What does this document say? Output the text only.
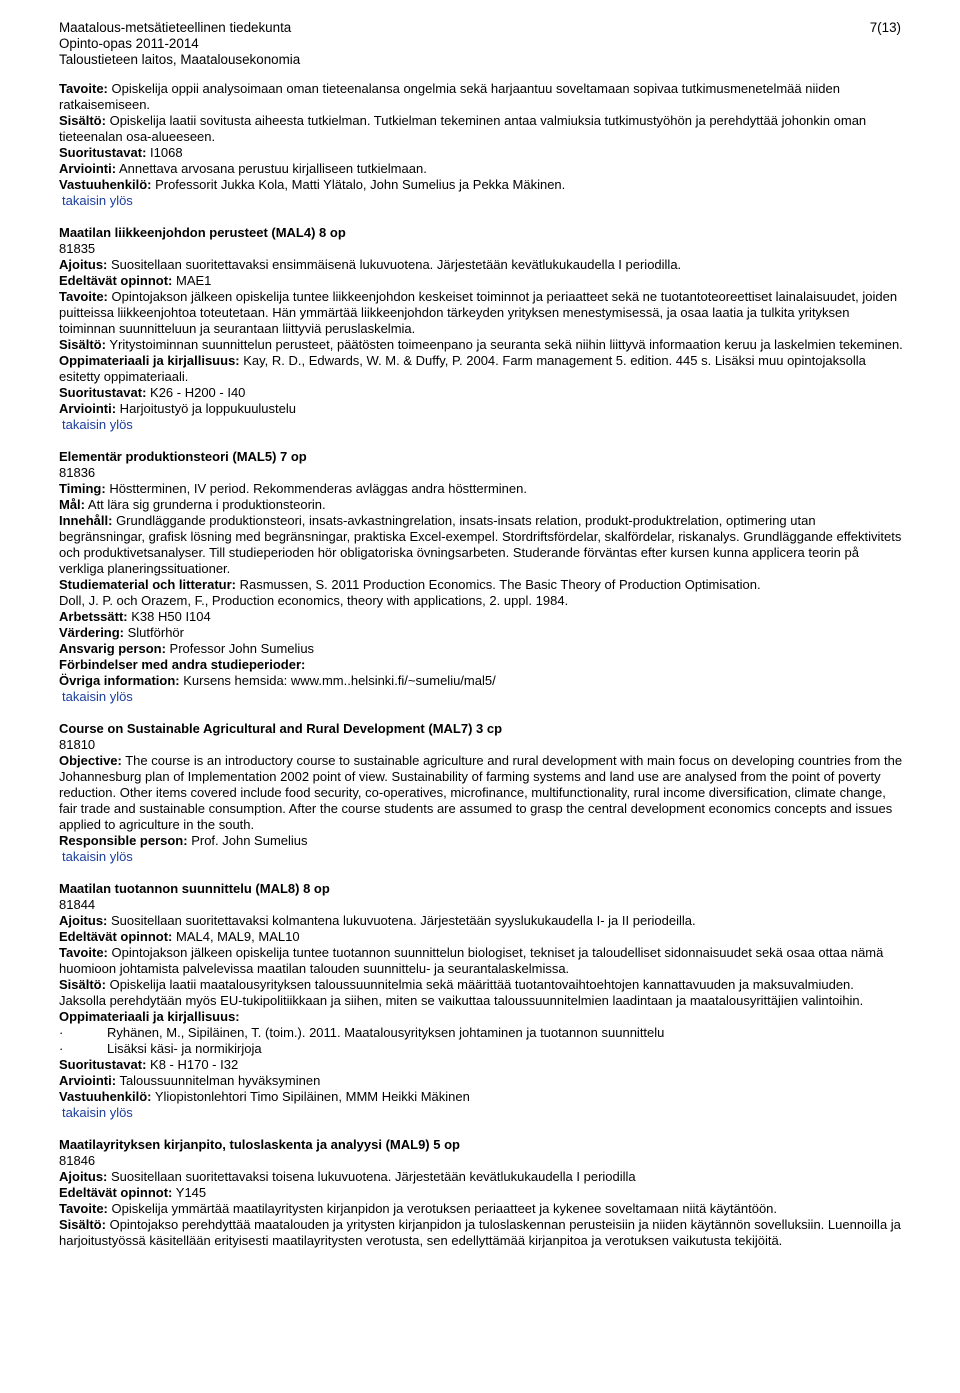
Maatalous-metsätieteellinen tiedekunta
Opinto-opas 2011-2014
Taloustieteen laitos, Maatalousekonomia
7(13)

Tavoite: Opiskelija oppii analysoimaan oman tieteenalansa ongelmia sekä harjaantuu soveltamaan sopivaa tutkimusmenetelmää niiden ratkaisemiseen.

Sisältö: Opiskelija laatii sovitusta aiheesta tutkielman. Tutkielman tekeminen antaa valmiuksia tutkimustyöhön ja perehdyttää johonkin oman tieteenalan osa-alueeseen.

Suoritustavat: I1068

Arviointi: Annettava arvosana perustuu kirjalliseen tutkielmaan.

Vastuuhenkilö: Professorit Jukka Kola, Matti Ylätalo, John Sumelius ja Pekka Mäkinen.

takaisin ylös

Maatilan liikkeenjohdon perusteet (MAL4) 8 op

81835

Ajoitus: Suositellaan suoritettavaksi ensimmäisenä lukuvuotena. Järjestetään kevätlukukaudella I periodilla.

Edeltävät opinnot: MAE1

Tavoite: Opintojakson jälkeen opiskelija tuntee liikkeenjohdon keskeiset toiminnot ja periaatteet sekä ne tuotantoteoreettiset lainalaisuudet, joiden puitteissa liikkeenjohtoa toteutetaan. Hän ymmärtää liikkeenjohdon tärkeyden yrityksen menestymisessä, ja osaa laatia ja tulkita yrityksen toiminnan suunnitteluun ja seurantaan liittyviä peruslaskelmia.

Sisältö: Yritystoiminnan suunnittelun perusteet, päätösten toimeenpano ja seuranta sekä niihin liittyvä informaation keruu ja laskelmien tekeminen.

Oppimateriaali ja kirjallisuus: Kay, R. D., Edwards, W. M. & Duffy, P. 2004. Farm management 5. edition. 445 s. Lisäksi muu opintojaksolla esitetty oppimateriaali.

Suoritustavat: K26 - H200 - I40

Arviointi: Harjoitustyö ja loppukuulustelu

takaisin ylös

Elementär produktionsteori (MAL5) 7 op

81836

Timing: Höstterminen, IV period. Rekommenderas avläggas andra höstterminen.

Mål: Att lära sig grunderna i produktionsteorin.

Innehåll: Grundläggande produktionsteori, insats-avkastningrelation, insats-insats relation, produkt-produktrelation, optimering utan begränsningar, grafisk lösning med begränsningar, praktiska Excel-exempel. Stordriftsfördelar, skalfördelar, riskanalys. Grundläggande effektivitets och produktivetsanalyser. Till studieperioden hör obligatoriska övningsarbeten. Studerande förväntas efter kursen kunna applicera teorin på verkliga planeringssituationer.

Studiematerial och litteratur: Rasmussen, S. 2011 Production Economics. The Basic Theory of Production Optimisation.

Doll, J. P. och Orazem, F., Production economics, theory with applications, 2. uppl. 1984.

Arbetssätt: K38 H50 I104

Värdering: Slutförhör

Ansvarig person: Professor John Sumelius

Förbindelser med andra studieperioder:

Övriga information: Kursens hemsida: www.mm..helsinki.fi/~sumeliu/mal5/

takaisin ylös

Course on Sustainable Agricultural and Rural Development (MAL7) 3 cp

81810

Objective: The course is an introductory course to sustainable agriculture and rural development with main focus on developing countries from the Johannesburg plan of Implementation 2002 point of view. Sustainability of farming systems and land use are analysed from the point of poverty reduction. Other items covered include food security, co-operatives, microfinance, multifunctionality, rural income diversification, climate change, fair trade and sustainable consumption. After the course students are assumed to grasp the central development economics concepts and issues applied to agriculture in the south.

Responsible person: Prof. John Sumelius

takaisin ylös

Maatilan tuotannon suunnittelu (MAL8) 8 op

81844

Ajoitus: Suositellaan suoritettavaksi kolmantena lukuvuotena. Järjestetään syyslukukaudella I- ja II periodeilla.

Edeltävät opinnot: MAL4, MAL9, MAL10

Tavoite: Opintojakson jälkeen opiskelija tuntee tuotannon suunnittelun biologiset, tekniset ja taloudelliset sidonnaisuudet sekä osaa ottaa nämä huomioon johtamista palvelevissa maatilan talouden suunnittelu- ja seurantalaskelmissa.

Sisältö: Opiskelija laatii maatalousyrityksen taloussuunnitelmia sekä määrittää tuotantovaihtoehtojen kannattavuuden ja maksuvalmiuden. Jaksolla perehdytään myös EU-tukipolitiikkaan ja siihen, miten se vaikuttaa taloussuunnitelmien laadintaan ja maatalousyrittäjien valintoihin.

Oppimateriaali ja kirjallisuus:

·	Ryhänen, M., Sipiläinen, T. (toim.). 2011. Maatalousyrityksen johtaminen ja tuotannon suunnittelu

·	Lisäksi käsi- ja normikirjoja

Suoritustavat: K8 - H170 - I32

Arviointi: Taloussuunnitelman hyväksyminen

Vastuuhenkilö: Yliopistonlehtori Timo Sipiläinen, MMM Heikki Mäkinen

takaisin ylös

Maatilayrityksen kirjanpito, tuloslaskenta ja analyysi (MAL9) 5 op

81846

Ajoitus: Suositellaan suoritettavaksi toisena lukuvuotena. Järjestetään kevätlukukaudella I periodilla

Edeltävät opinnot: Y145

Tavoite: Opiskelija ymmärtää maatilayritysten kirjanpidon ja verotuksen periaatteet ja kykenee soveltamaan niitä käytäntöön.

Sisältö: Opintojakso perehdyttää maatalouden ja yritysten kirjanpidon ja tuloslaskennan perusteisiin ja niiden käytännön sovelluksiin. Luennoilla ja harjoitustyössä käsitellään erityisesti maatilayritysten verotusta, sen edellyttämää kirjanpitoa ja verotuksen vaikutusta tekijöitä.
